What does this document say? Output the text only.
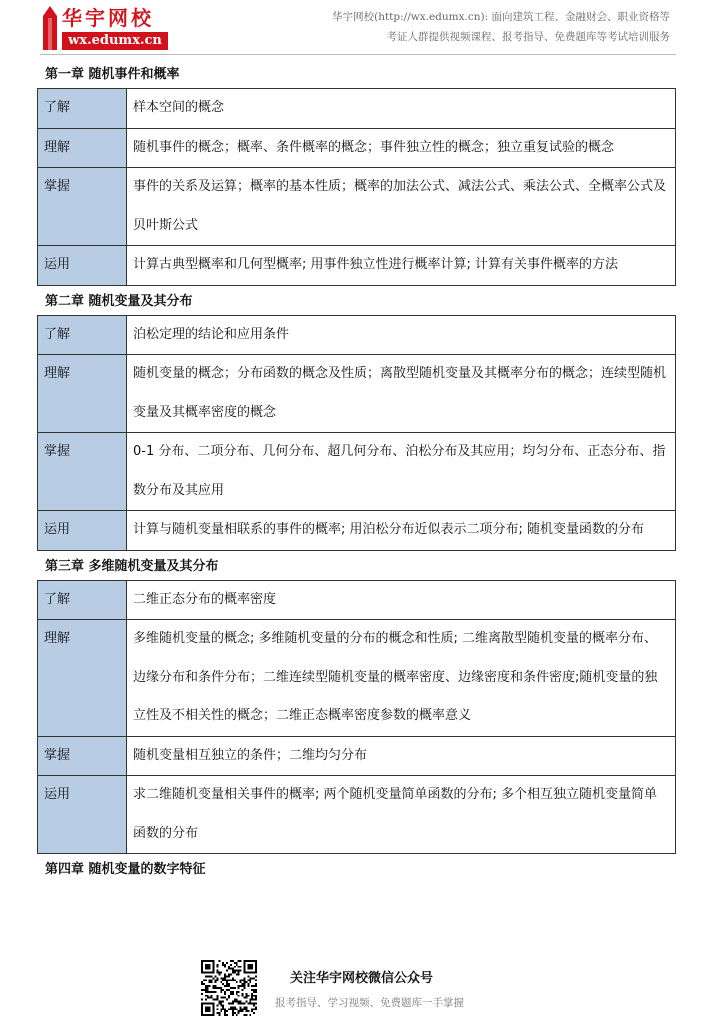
华宇网校
wx.edumx.cn
华宇网校(http://wx.edumx.cn): 面向建筑工程、金融财会、职业资格等
考证人群提供视频课程、报考指导、免费题库等考试培训服务
第一章 随机事件和概率
了解	样本空间的概念
理解	随机事件的概念；概率、条件概率的概念；事件独立性的概念；独立重复试验的概念
掌握	事件的关系及运算；概率的基本性质；概率的加法公式、减法公式、乘法公式、全概率公式及贝叶斯公式
运用	计算古典型概率和几何型概率; 用事件独立性进行概率计算; 计算有关事件概率的方法
第二章 随机变量及其分布
了解	泊松定理的结论和应用条件
理解	随机变量的概念；分布函数的概念及性质；离散型随机变量及其概率分布的概念；连续型随机变量及其概率密度的概念
掌握	0-1 分布、二项分布、几何分布、超几何分布、泊松分布及其应用；均匀分布、正态分布、指数分布及其应用
运用	计算与随机变量相联系的事件的概率; 用泊松分布近似表示二项分布; 随机变量函数的分布
第三章 多维随机变量及其分布
了解	二维正态分布的概率密度
理解	多维随机变量的概念; 多维随机变量的分布的概念和性质; 二维离散型随机变量的概率分布、边缘分布和条件分布；二维连续型随机变量的概率密度、边缘密度和条件密度;随机变量的独立性及不相关性的概念；二维正态概率密度参数的概率意义
掌握	随机变量相互独立的条件；二维均匀分布
运用	求二维随机变量相关事件的概率; 两个随机变量简单函数的分布; 多个相互独立随机变量简单函数的分布
第四章 随机变量的数字特征
关注华宇网校微信公众号
报考指导、学习视频、免费题库一手掌握
